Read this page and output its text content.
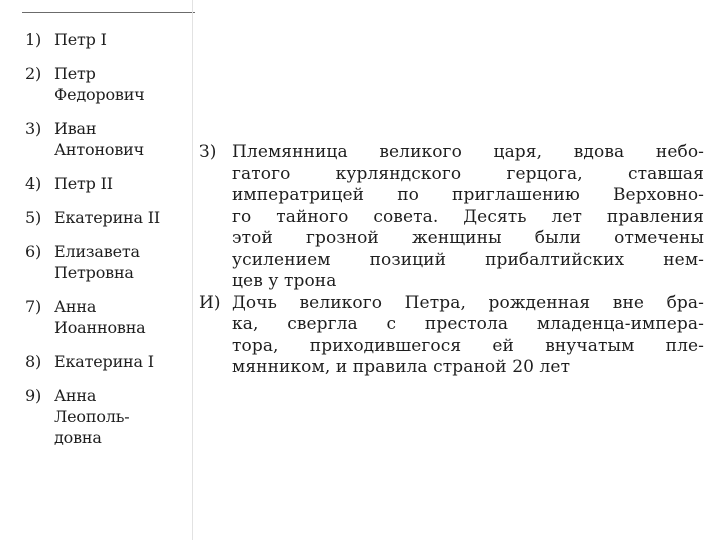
1) Петр I
2) Петр
Федорович
3) Иван
Антонович
4) Петр II
5) Екатерина II
6) Елизавета
Петровна
7) Анна
Иоанновна
8) Екатерина I
9) Анна
Леополь-
довна
З) Племянница великого царя, вдова небо-
гатого курляндского герцога, ставшая
императрицей по приглашению Верховно-
го тайного совета. Десять лет правления
этой грозной женщины были отмечены
усилением позиций прибалтийских нем-
цев у трона
И) Дочь великого Петра, рожденная вне бра-
ка, свергла с престола младенца-импера-
тора, приходившегося ей внучатым пле-
мянником, и правила страной 20 лет
